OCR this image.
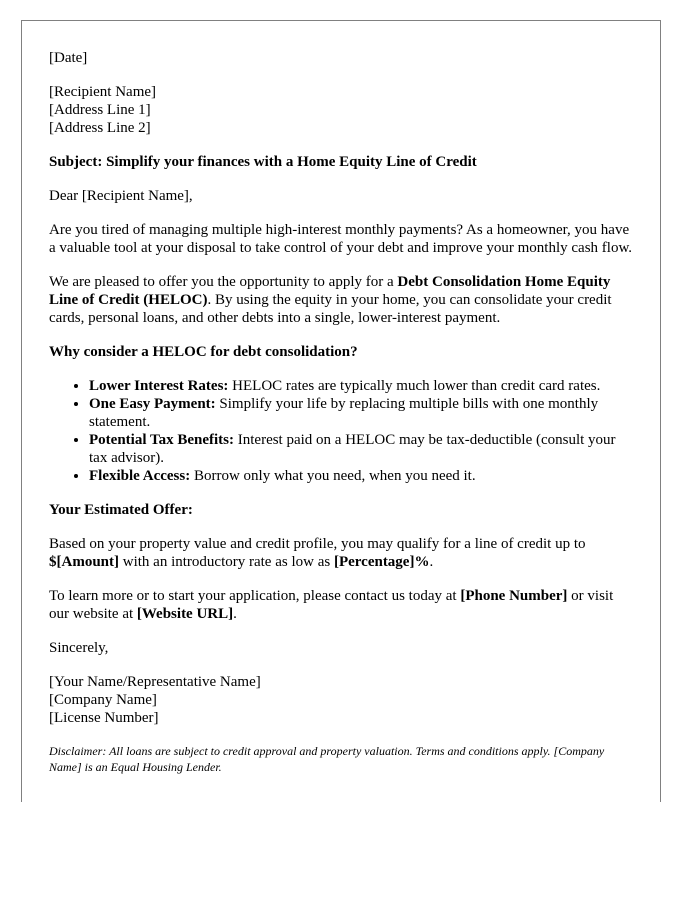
[Date]

[Recipient Name]
[Address Line 1]
[Address Line 2]

Subject: Simplify your finances with a Home Equity Line of Credit

Dear [Recipient Name],

Are you tired of managing multiple high-interest monthly payments? As a homeowner, you have a valuable tool at your disposal to take control of your debt and improve your monthly cash flow.

We are pleased to offer you the opportunity to apply for a Debt Consolidation Home Equity Line of Credit (HELOC). By using the equity in your home, you can consolidate your credit cards, personal loans, and other debts into a single, lower-interest payment.

Why consider a HELOC for debt consolidation?

• Lower Interest Rates: HELOC rates are typically much lower than credit card rates.
• One Easy Payment: Simplify your life by replacing multiple bills with one monthly statement.
• Potential Tax Benefits: Interest paid on a HELOC may be tax-deductible (consult your tax advisor).
• Flexible Access: Borrow only what you need, when you need it.

Your Estimated Offer:

Based on your property value and credit profile, you may qualify for a line of credit up to $[Amount] with an introductory rate as low as [Percentage]%.

To learn more or to start your application, please contact us today at [Phone Number] or visit our website at [Website URL].

Sincerely,

[Your Name/Representative Name]
[Company Name]
[License Number]

Disclaimer: All loans are subject to credit approval and property valuation. Terms and conditions apply. [Company Name] is an Equal Housing Lender.
